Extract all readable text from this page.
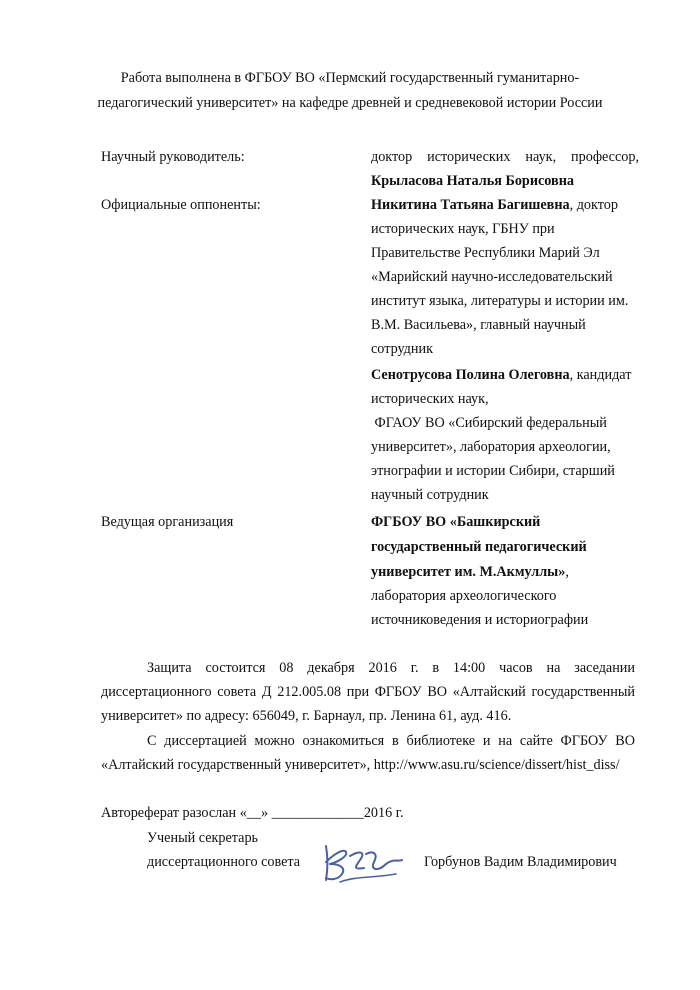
Работа выполнена в ФГБОУ ВО «Пермский государственный гуманитарно-
педагогический университет» на кафедре древней и средневековой истории России
Научный руководитель:	доктор исторических наук, профессор,
Крыласова Наталья Борисовна
Официальные оппоненты:	Никитина Татьяна Багишевна, доктор
исторических наук, ГБНУ при
Правительстве Республики Марий Эл
«Марийский научно-исследовательский
институт языка, литературы и истории им.
В.М. Васильева», главный научный
сотрудник
Сенотрусова Полина Олеговна, кандидат
исторических наук,
ФГАОУ ВО «Сибирский федеральный
университет», лаборатория археологии,
этнографии и истории Сибири, старший
научный сотрудник
Ведущая организация	ФГБОУ ВО «Башкирский
государственный педагогический
университет им. М.Акмуллы»,
лаборатория археологического
источниковедения и историографии
Защита состоится 08 декабря 2016 г. в 14:00 часов на заседании диссертационного совета Д 212.005.08 при ФГБОУ ВО «Алтайский государственный университет» по адресу: 656049, г. Барнаул, пр. Ленина 61, ауд. 416.
С диссертацией можно ознакомиться в библиотеке и на сайте ФГБОУ ВО «Алтайский государственный университет», http://www.asu.ru/science/dissert/hist_diss/
Автореферат разослан «__» _____________2016 г.
Ученый секретарь
диссертационного совета	Горбунов Вадим Владимирович
